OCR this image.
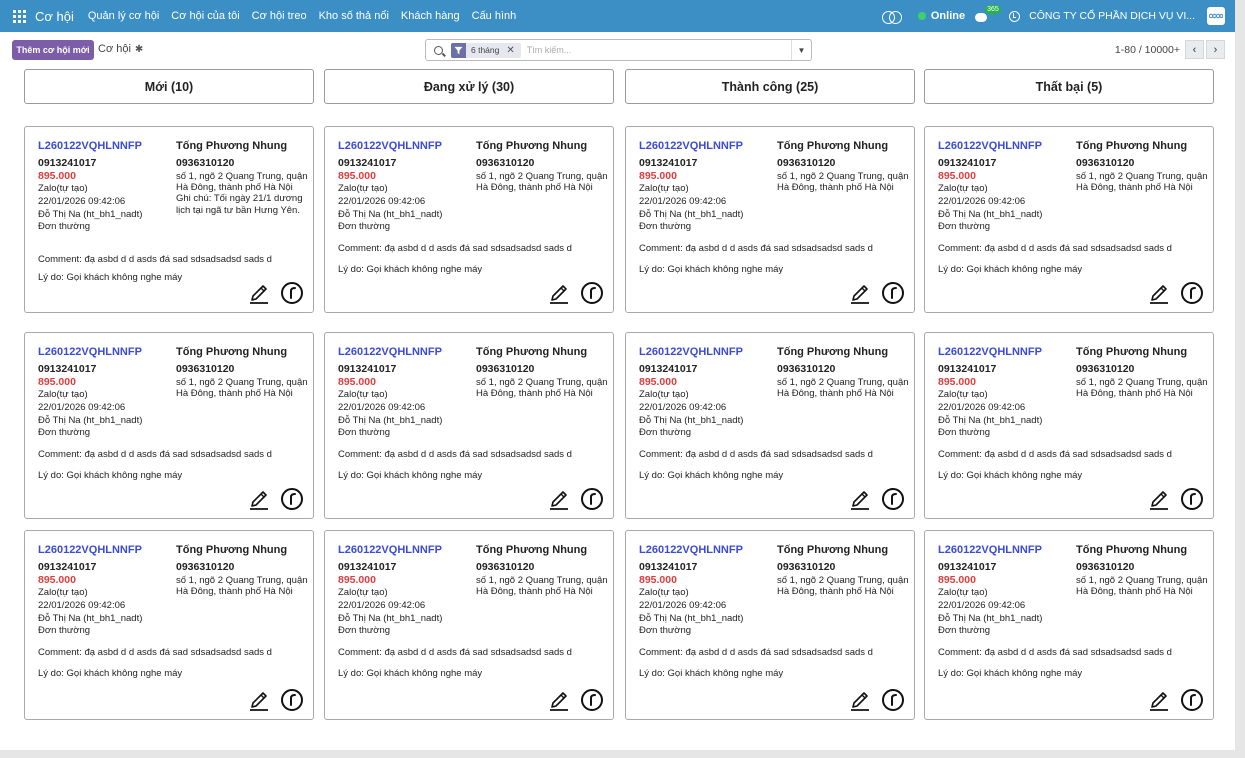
Cơ hội Quản lý cơ hội Cơ hội của tôi Cơ hội treo Kho số thả nổi Khách hàng Cấu hình	Online
365
CÔNG TY CỔ PHẦN DỊCH VỤ VI...
Thêm cơ hội mới Cơ hội ✱	6 tháng ✕
Tìm kiếm...	▼	1-80 / 10000+ ‹ ›
Mới (10)
L260122VQHLNNFP
0913241017
895.000
Zalo(tự tạo)
22/01/2026 09:42:06
Đỗ Thị Na (ht_bh1_nadt)
Đơn thường
Tống Phương Nhung
0936310120
số 1, ngõ 2 Quang Trung, quận Hà Đông, thành phố Hà Nội
Ghi chú: Tối ngày 21/1 dương lịch tại ngã tư bần Hưng Yên.
Comment: đạ asbd d d asds đá sad sdsadsadsd sads d
Lý do: Gọi khách không nghe máy
L260122VQHLNNFP
0913241017
895.000
Zalo(tự tạo)
22/01/2026 09:42:06
Đỗ Thị Na (ht_bh1_nadt)
Đơn thường
Tống Phương Nhung
0936310120
số 1, ngõ 2 Quang Trung, quận Hà Đông, thành phố Hà Nội
Comment: đạ asbd d d asds đá sad sdsadsadsd sads d
Lý do: Gọi khách không nghe máy
L260122VQHLNNFP
0913241017
895.000
Zalo(tự tạo)
22/01/2026 09:42:06
Đỗ Thị Na (ht_bh1_nadt)
Đơn thường
Tống Phương Nhung
0936310120
số 1, ngõ 2 Quang Trung, quận Hà Đông, thành phố Hà Nội
Comment: đạ asbd d d asds đá sad sdsadsadsd sads d
Lý do: Gọi khách không nghe máy
Đang xử lý (30)
L260122VQHLNNFP
0913241017
895.000
Zalo(tự tạo)
22/01/2026 09:42:06
Đỗ Thị Na (ht_bh1_nadt)
Đơn thường
Tống Phương Nhung
0936310120
số 1, ngõ 2 Quang Trung, quận Hà Đông, thành phố Hà Nội
Comment: đạ asbd d d asds đá sad sdsadsadsd sads d
Lý do: Gọi khách không nghe máy
L260122VQHLNNFP
0913241017
895.000
Zalo(tự tạo)
22/01/2026 09:42:06
Đỗ Thị Na (ht_bh1_nadt)
Đơn thường
Tống Phương Nhung
0936310120
số 1, ngõ 2 Quang Trung, quận Hà Đông, thành phố Hà Nội
Comment: đạ asbd d d asds đá sad sdsadsadsd sads d
Lý do: Gọi khách không nghe máy
L260122VQHLNNFP
0913241017
895.000
Zalo(tự tạo)
22/01/2026 09:42:06
Đỗ Thị Na (ht_bh1_nadt)
Đơn thường
Tống Phương Nhung
0936310120
số 1, ngõ 2 Quang Trung, quận Hà Đông, thành phố Hà Nội
Comment: đạ asbd d d asds đá sad sdsadsadsd sads d
Lý do: Gọi khách không nghe máy
Thành công (25)
L260122VQHLNNFP
0913241017
895.000
Zalo(tự tạo)
22/01/2026 09:42:06
Đỗ Thị Na (ht_bh1_nadt)
Đơn thường
Tống Phương Nhung
0936310120
số 1, ngõ 2 Quang Trung, quận Hà Đông, thành phố Hà Nội
Comment: đạ asbd d d asds đá sad sdsadsadsd sads d
Lý do: Gọi khách không nghe máy
L260122VQHLNNFP
0913241017
895.000
Zalo(tự tạo)
22/01/2026 09:42:06
Đỗ Thị Na (ht_bh1_nadt)
Đơn thường
Tống Phương Nhung
0936310120
số 1, ngõ 2 Quang Trung, quận Hà Đông, thành phố Hà Nội
Comment: đạ asbd d d asds đá sad sdsadsadsd sads d
Lý do: Gọi khách không nghe máy
L260122VQHLNNFP
0913241017
895.000
Zalo(tự tạo)
22/01/2026 09:42:06
Đỗ Thị Na (ht_bh1_nadt)
Đơn thường
Tống Phương Nhung
0936310120
số 1, ngõ 2 Quang Trung, quận Hà Đông, thành phố Hà Nội
Comment: đạ asbd d d asds đá sad sdsadsadsd sads d
Lý do: Gọi khách không nghe máy
Thất bại (5)
L260122VQHLNNFP
0913241017
895.000
Zalo(tự tạo)
22/01/2026 09:42:06
Đỗ Thị Na (ht_bh1_nadt)
Đơn thường
Tống Phương Nhung
0936310120
số 1, ngõ 2 Quang Trung, quận Hà Đông, thành phố Hà Nội
Comment: đạ asbd d d asds đá sad sdsadsadsd sads d
Lý do: Gọi khách không nghe máy
L260122VQHLNNFP
0913241017
895.000
Zalo(tự tạo)
22/01/2026 09:42:06
Đỗ Thị Na (ht_bh1_nadt)
Đơn thường
Tống Phương Nhung
0936310120
số 1, ngõ 2 Quang Trung, quận Hà Đông, thành phố Hà Nội
Comment: đạ asbd d d asds đá sad sdsadsadsd sads d
Lý do: Gọi khách không nghe máy
L260122VQHLNNFP
0913241017
895.000
Zalo(tự tạo)
22/01/2026 09:42:06
Đỗ Thị Na (ht_bh1_nadt)
Đơn thường
Tống Phương Nhung
0936310120
số 1, ngõ 2 Quang Trung, quận Hà Đông, thành phố Hà Nội
Comment: đạ asbd d d asds đá sad sdsadsadsd sads d
Lý do: Gọi khách không nghe máy
